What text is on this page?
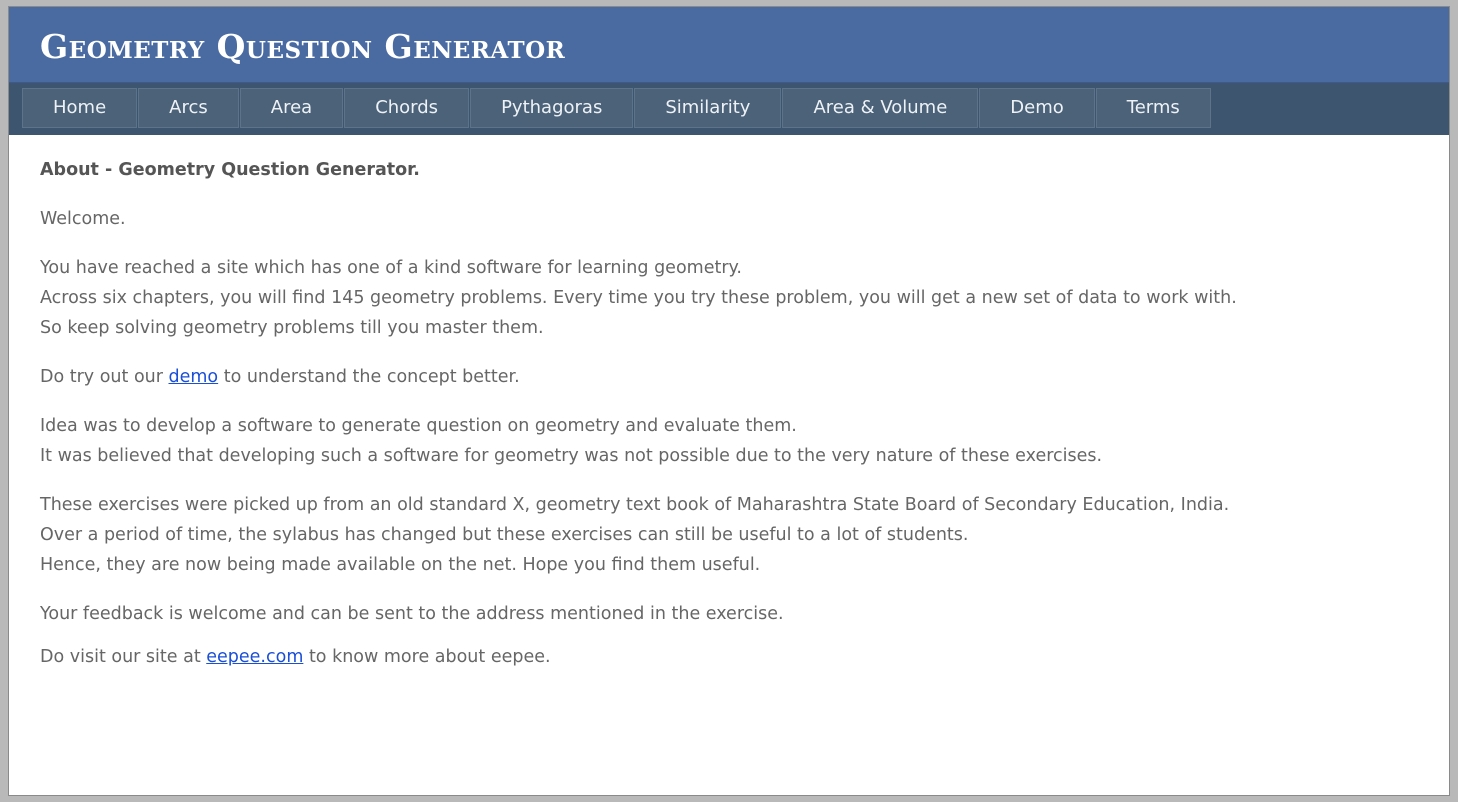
Geometry Question Generator
Home	Arcs	Area	Chords	Pythagoras	Similarity	Area & Volume	Demo	Terms

About - Geometry Question Generator.

Welcome.

You have reached a site which has one of a kind software for learning geometry.
Across six chapters, you will find 145 geometry problems. Every time you try these problem, you will get a new set of data to work with.
So keep solving geometry problems till you master them.

Do try out our demo to understand the concept better.

Idea was to develop a software to generate question on geometry and evaluate them.
It was believed that developing such a software for geometry was not possible due to the very nature of these exercises.

These exercises were picked up from an old standard X, geometry text book of Maharashtra State Board of Secondary Education, India.
Over a period of time, the sylabus has changed but these exercises can still be useful to a lot of students.
Hence, they are now being made available on the net. Hope you find them useful.

Your feedback is welcome and can be sent to the address mentioned in the exercise.

Do visit our site at eepee.com to know more about eepee.
